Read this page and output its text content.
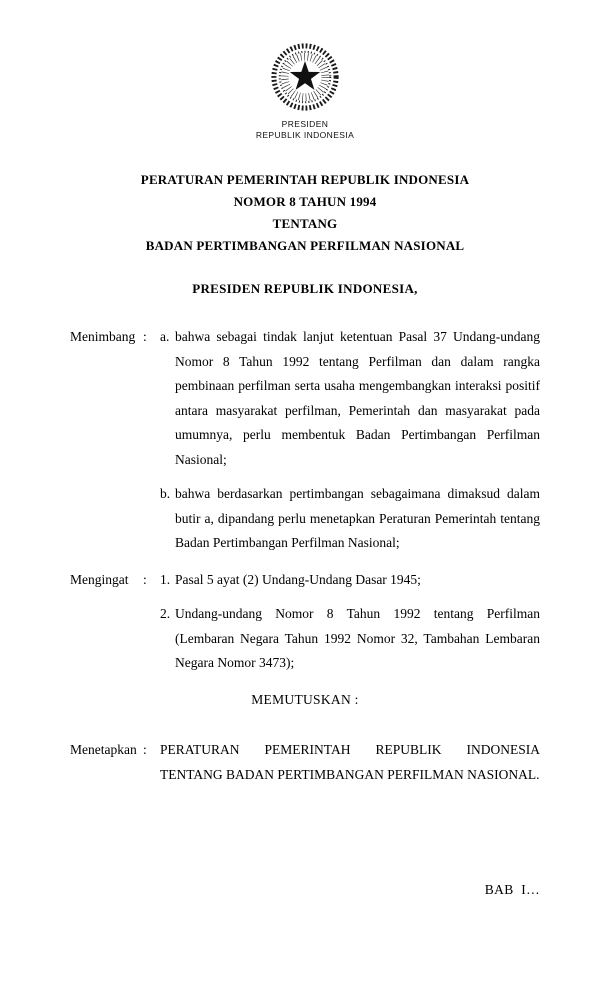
PRESIDEN
REPUBLIK INDONESIA
PERATURAN PEMERINTAH REPUBLIK INDONESIA
NOMOR 8 TAHUN 1994
TENTANG
BADAN PERTIMBANGAN PERFILMAN NASIONAL

PRESIDEN REPUBLIK INDONESIA,

Menimbang : a. bahwa sebagai tindak lanjut ketentuan Pasal 37 Undang-undang Nomor 8 Tahun 1992 tentang Perfilman dan dalam rangka pembinaan perfilman serta usaha mengembangkan interaksi positif antara masyarakat perfilman, Pemerintah dan masyarakat pada umumnya, perlu membentuk Badan Pertimbangan Perfilman Nasional;
b. bahwa berdasarkan pertimbangan sebagaimana dimaksud dalam butir a, dipandang perlu menetapkan Peraturan Pemerintah tentang Badan Pertimbangan Perfilman Nasional;
Mengingat	: 1. Pasal 5 ayat (2) Undang-Undang Dasar 1945;
2. Undang-undang Nomor 8 Tahun 1992 tentang Perfilman (Lembaran Negara Tahun 1992 Nomor 32, Tambahan Lembaran Negara Nomor 3473);

MEMUTUSKAN :

Menetapkan : PERATURAN PEMERINTAH REPUBLIK INDONESIA TENTANG BADAN PERTIMBANGAN PERFILMAN NASIONAL.
BAB  I…
